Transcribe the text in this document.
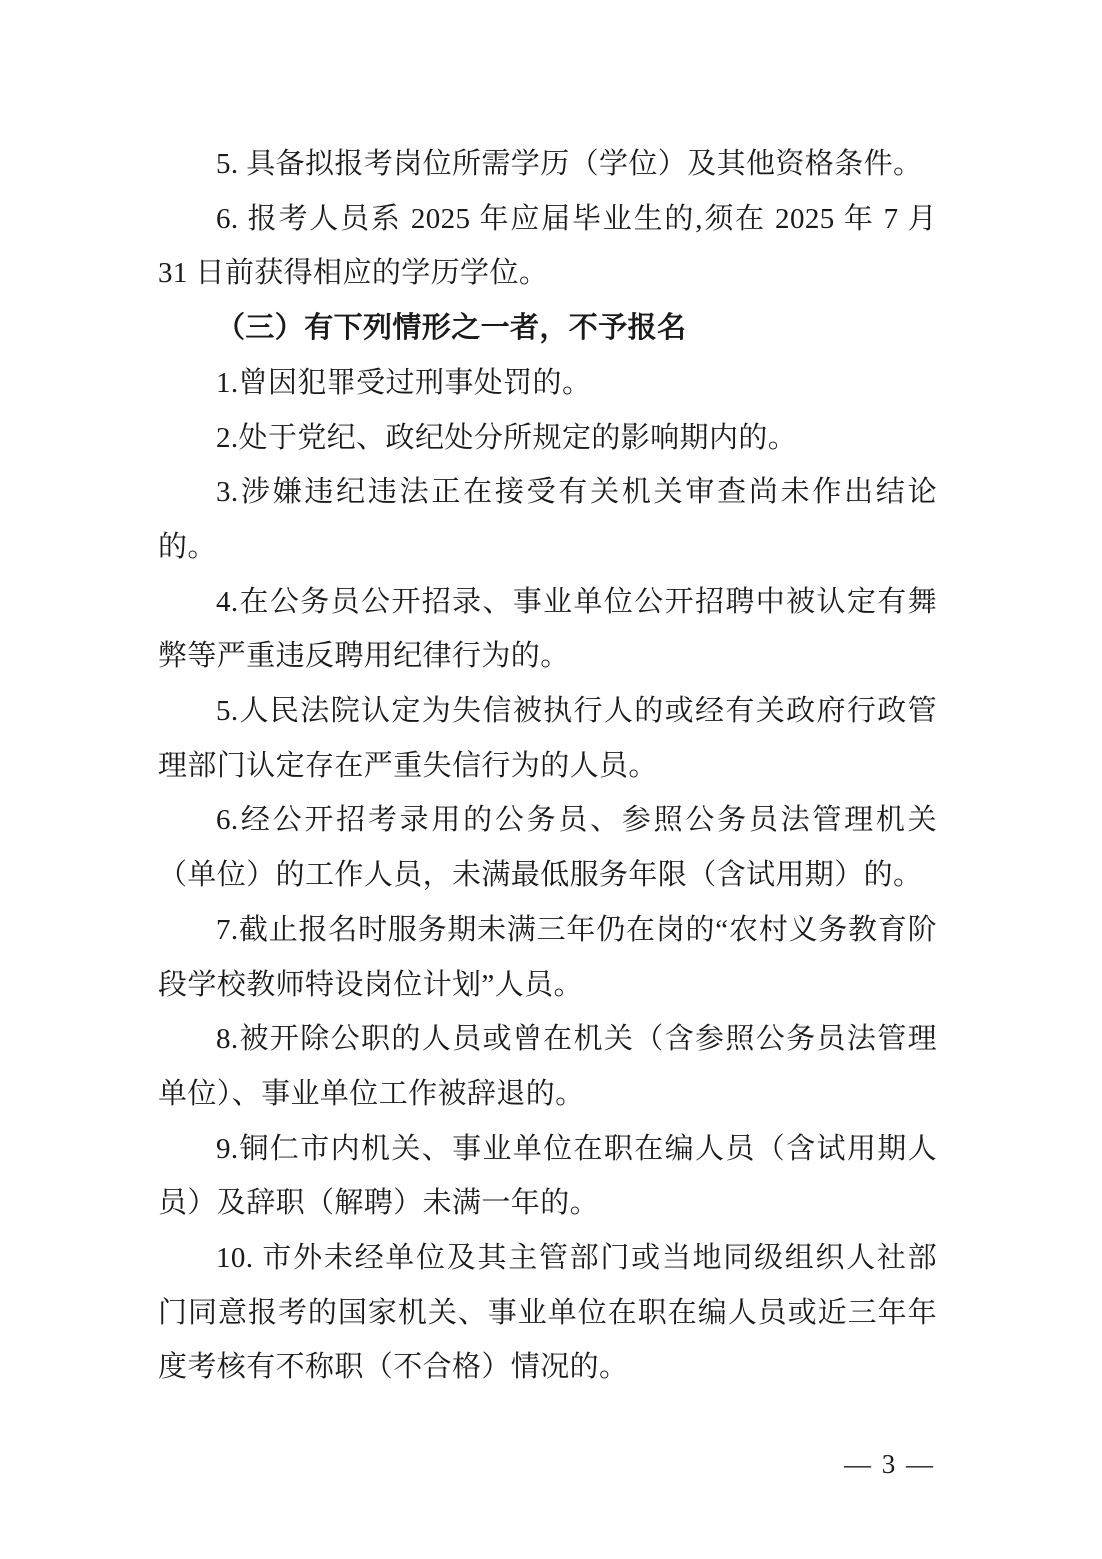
5. 具备拟报考岗位所需学历（学位）及其他资格条件。

6. 报考人员系 2025 年应届毕业生的,须在 2025 年 7 月 31 日前获得相应的学历学位。

（三）有下列情形之一者，不予报名

1.曾因犯罪受过刑事处罚的。

2.处于党纪、政纪处分所规定的影响期内的。

3.涉嫌违纪违法正在接受有关机关审查尚未作出结论的。

4.在公务员公开招录、事业单位公开招聘中被认定有舞弊等严重违反聘用纪律行为的。

5.人民法院认定为失信被执行人的或经有关政府行政管理部门认定存在严重失信行为的人员。

6.经公开招考录用的公务员、参照公务员法管理机关（单位）的工作人员，未满最低服务年限（含试用期）的。

7.截止报名时服务期未满三年仍在岗的“农村义务教育阶段学校教师特设岗位计划”人员。

8.被开除公职的人员或曾在机关（含参照公务员法管理单位）、事业单位工作被辞退的。

9.铜仁市内机关、事业单位在职在编人员（含试用期人员）及辞职（解聘）未满一年的。

10. 市外未经单位及其主管部门或当地同级组织人社部门同意报考的国家机关、事业单位在职在编人员或近三年年度考核有不称职（不合格）情况的。

— 3 —
